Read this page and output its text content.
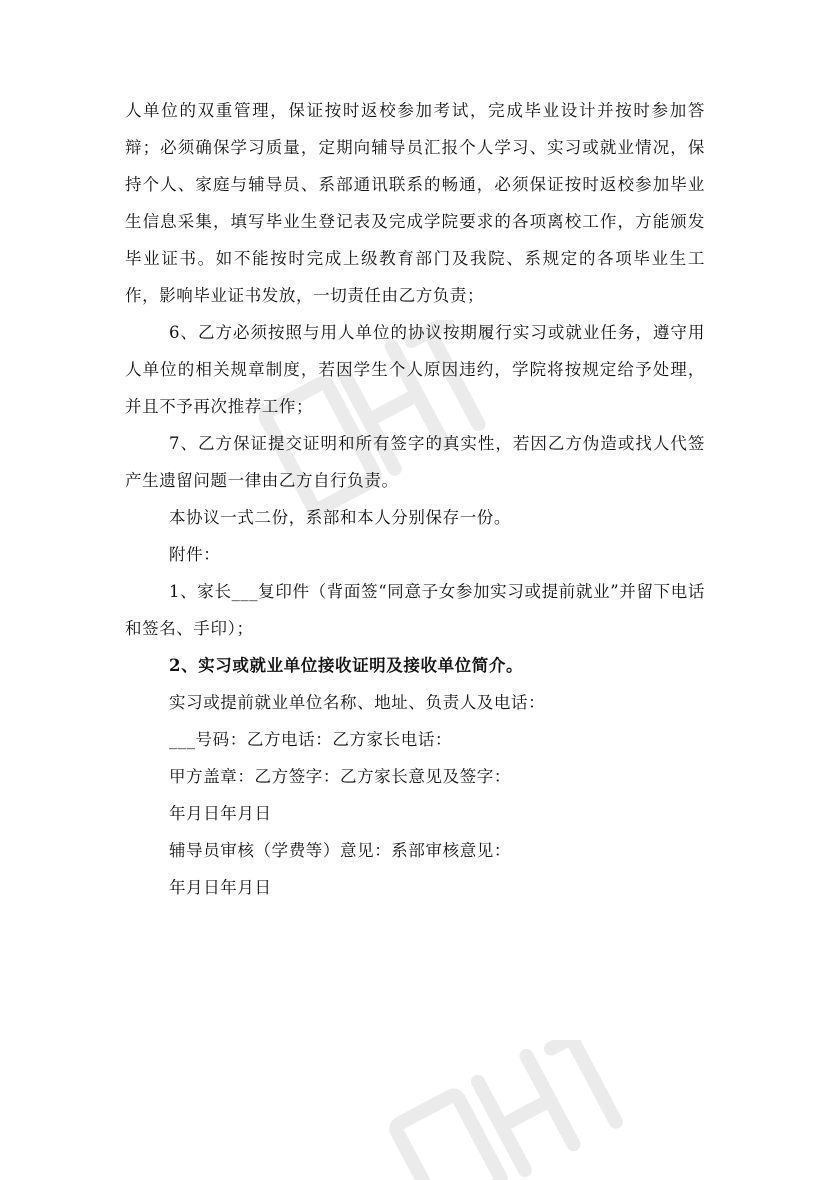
人单位的双重管理，保证按时返校参加考试，完成毕业设计并按时参加答辩；必须确保学习质量，定期向辅导员汇报个人学习、实习或就业情况，保持个人、家庭与辅导员、系部通讯联系的畅通，必须保证按时返校参加毕业生信息采集，填写毕业生登记表及完成学院要求的各项离校工作，方能颁发毕业证书。如不能按时完成上级教育部门及我院、系规定的各项毕业生工作，影响毕业证书发放，一切责任由乙方负责；

6、乙方必须按照与用人单位的协议按期履行实习或就业任务，遵守用人单位的相关规章制度，若因学生个人原因违约，学院将按规定给予处理，并且不予再次推荐工作；

7、乙方保证提交证明和所有签字的真实性，若因乙方伪造或找人代签产生遗留问题一律由乙方自行负责。

本协议一式二份，系部和本人分别保存一份。

附件：

1、家长___复印件（背面签“同意子女参加实习或提前就业”并留下电话和签名、手印）；

2、实习或就业单位接收证明及接收单位简介。

实习或提前就业单位名称、地址、负责人及电话：

___号码：乙方电话：乙方家长电话：

甲方盖章：乙方签字：乙方家长意见及签字：

年月日年月日

辅导员审核（学费等）意见：系部审核意见：

年月日年月日
